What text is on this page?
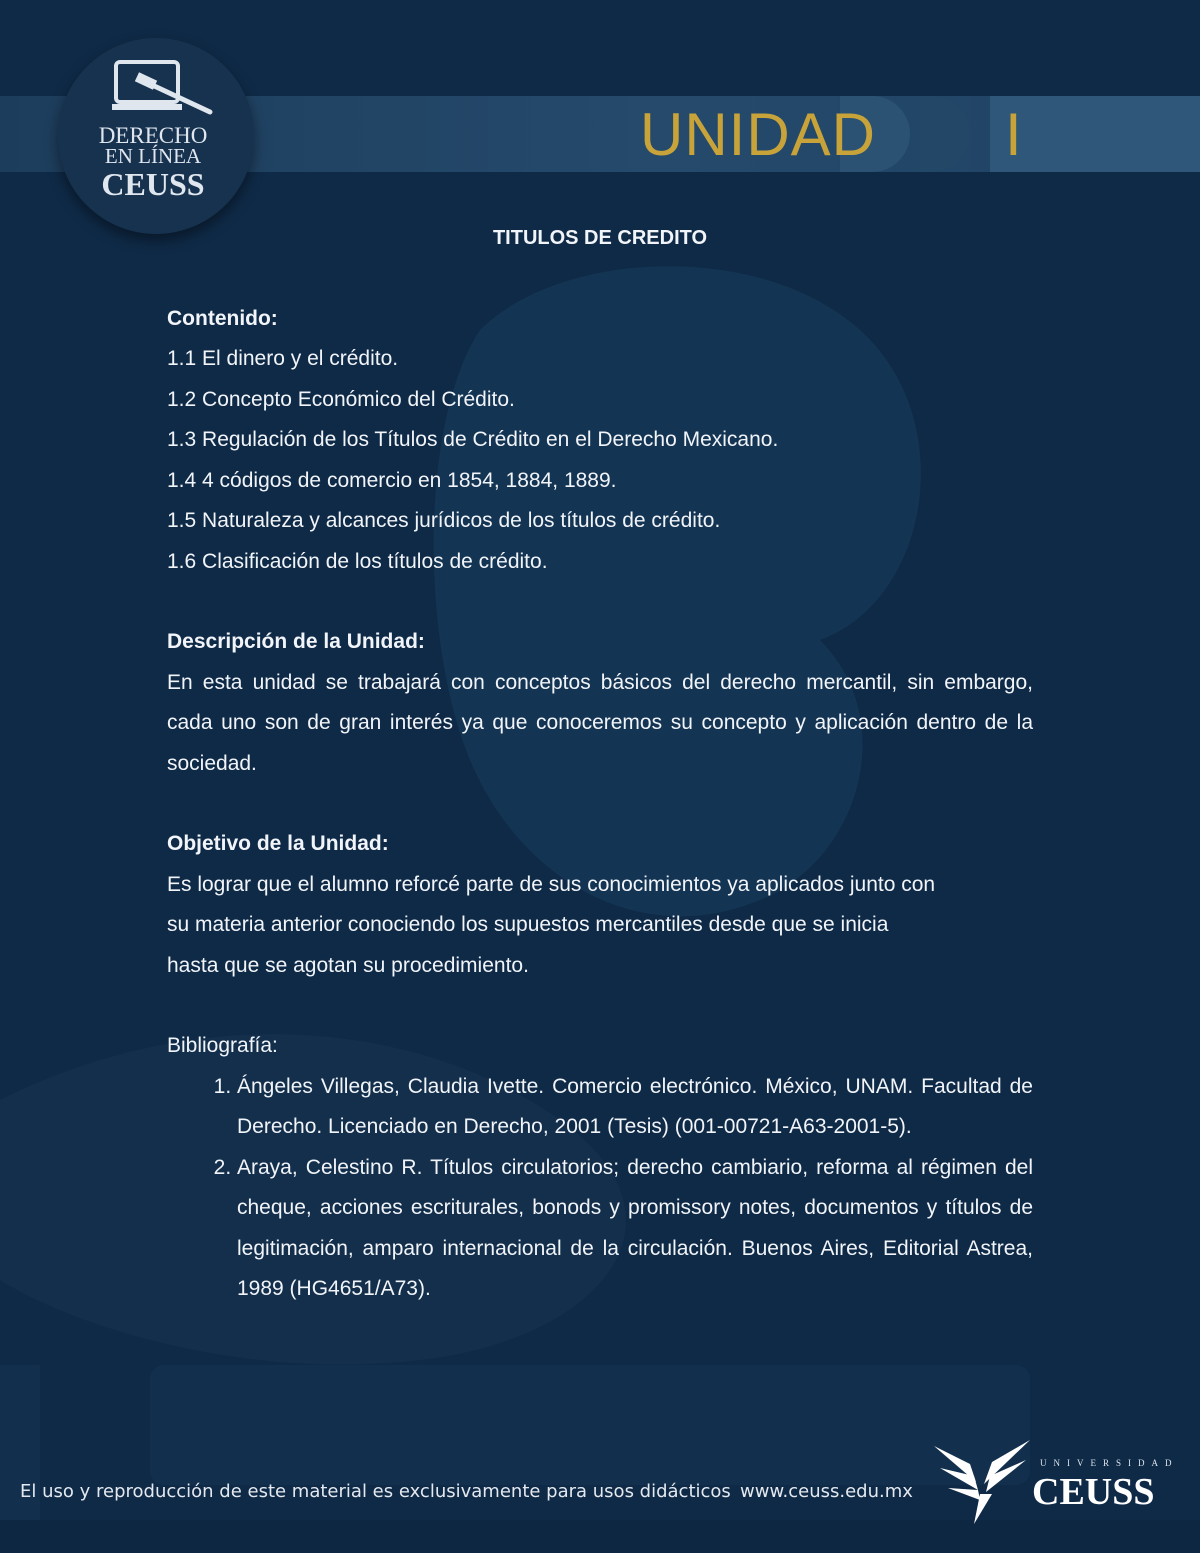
UNIDAD I
DERECHO
EN LÍNEA
CEUSS
TITULOS DE CREDITO
Contenido:
1.1 El dinero y el crédito.
1.2 Concepto Económico del Crédito.
1.3 Regulación de los Títulos de Crédito en el Derecho Mexicano.
1.4 4 códigos de comercio en 1854, 1884, 1889.
1.5 Naturaleza y alcances jurídicos de los títulos de crédito.
1.6 Clasificación de los títulos de crédito.
Descripción de la Unidad:

En esta unidad se trabajará con conceptos básicos del derecho mercantil, sin embargo, cada uno son de gran interés ya que conoceremos su concepto y aplicación dentro de la sociedad.

Objetivo de la Unidad:
Es lograr que el alumno reforcé parte de sus conocimientos ya aplicados junto con
su materia anterior conociendo los supuestos mercantiles desde que se inicia
hasta que se agotan su procedimiento.
Bibliografía:
1. Ángeles Villegas, Claudia Ivette. Comercio electrónico. México, UNAM. Facultad de Derecho. Licenciado en Derecho, 2001 (Tesis) (001-00721-A63-2001-5).
2. Araya, Celestino R. Títulos circulatorios; derecho cambiario, reforma al régimen del cheque, acciones escriturales, bonods y promissory notes, documentos y títulos de legitimación, amparo internacional de la circulación. Buenos Aires, Editorial Astrea, 1989 (HG4651/A73).
El uso y reproducción de este material es exclusivamente para usos didácticos www.ceuss.edu.mx
UNIVERSIDAD
CEUSS
